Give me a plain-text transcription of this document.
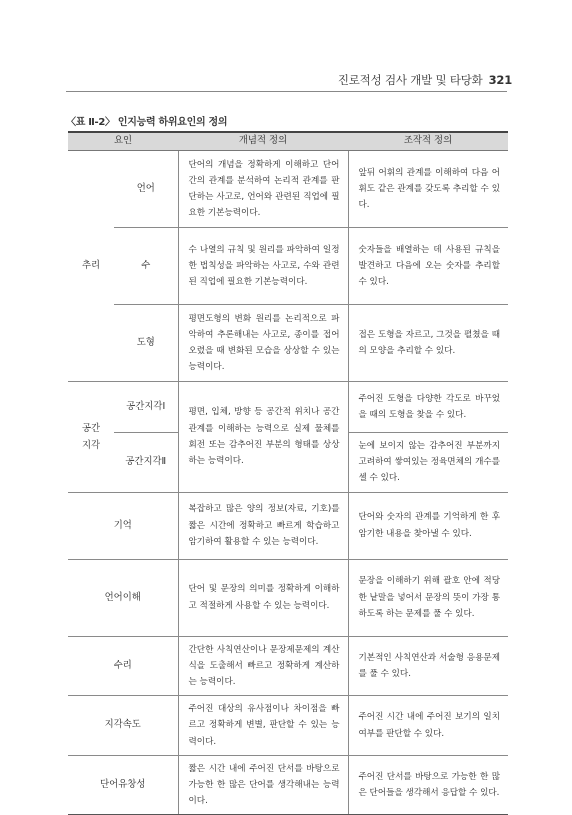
진로적성 검사 개발 및 타당화 321
〈표 Ⅱ-2〉 인지능력 하위요인의 정의
요인		개념적 정의	조작적 정의
추리	언어	단어의 개념을 정확하게 이해하고 단어 간의 관계를 분석하여 논리적 관계를 판단하는 사고로, 언어와 관련된 직업에 필요한 기본능력이다.	앞뒤 어휘의 관계를 이해하여 다음 어휘도 같은 관계를 갖도록 추리할 수 있다.
	수	수 나열의 규칙 및 원리를 파악하여 일정한 법칙성을 파악하는 사고로, 수와 관련된 직업에 필요한 기본능력이다.	숫자들을 배열하는 데 사용된 규칙을 발견하고 다음에 오는 숫자를 추리할 수 있다.
	도형	평면도형의 변화 원리를 논리적으로 파악하여 추론해내는 사고로, 종이를 접어 오렸을 때 변화된 모습을 상상할 수 있는 능력이다.	접은 도형을 자르고, 그것을 펼쳤을 때의 모양을 추리할 수 있다.
공간
지각	공간지각Ⅰ	평면, 입체, 방향 등 공간적 위치나 공간관계를 이해하는 능력으로 실제 물체를 회전 또는 감추어진 부분의 형태를 상상하는 능력이다.	주어진 도형을 다양한 각도로 바꾸었을 때의 도형을 찾을 수 있다.
	공간지각Ⅱ		눈에 보이지 않는 감추어진 부분까지 고려하여 쌓여있는 정육면체의 개수를 셀 수 있다.
기억		복잡하고 많은 양의 정보(자료, 기호)를 짧은 시간에 정확하고 빠르게 학습하고 암기하여 활용할 수 있는 능력이다.	단어와 숫자의 관계를 기억하게 한 후 암기한 내용을 찾아낼 수 있다.
언어이해		단어 및 문장의 의미를 정확하게 이해하고 적절하게 사용할 수 있는 능력이다.	문장을 이해하기 위해 괄호 안에 적당한 낱말을 넣어서 문장의 뜻이 가장 통하도록 하는 문제를 풀 수 있다.
수리		간단한 사칙연산이나 문장제문제의 계산식을 도출해서 빠르고 정확하게 계산하는 능력이다.	기본적인 사칙연산과 서술형 응용문제를 풀 수 있다.
지각속도		주어진 대상의 유사점이나 차이점을 빠르고 정확하게 변별, 판단할 수 있는 능력이다.	주어진 시간 내에 주어진 보기의 일치여부를 판단할 수 있다.
단어유창성		짧은 시간 내에 주어진 단서를 바탕으로 가능한 한 많은 단어를 생각해내는 능력이다.	주어진 단서를 바탕으로 가능한 한 많은 단어들을 생각해서 응답할 수 있다.
